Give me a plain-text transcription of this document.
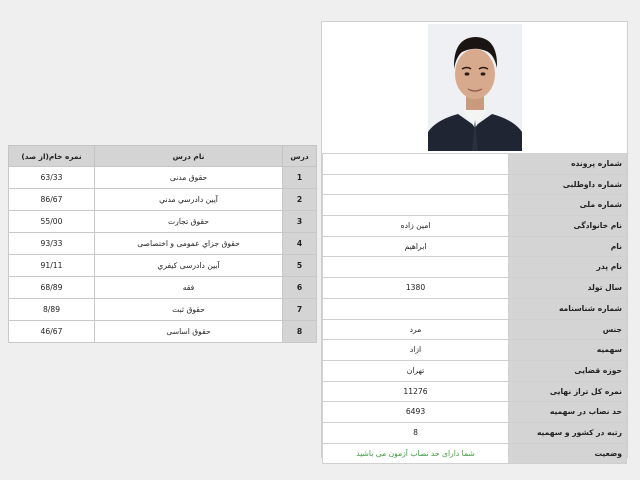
شماره پرونده	
شماره داوطلبی	
شماره ملی	
نام خانوادگی	امین زاده
نام	ابراهیم
نام پدر	
سال تولد	1380
شماره شناسنامه	
جنس	مرد
سهمیه	ازاد
حوزه قضایی	تهران
نمره کل تراز نهایی	11276
حد نصاب در سهمیه	6493
رتبه در کشور و سهمیه	8
وضعیت	شما دارای حد نصاب آزمون می باشید
درس	نام درس	نمره خام(از صد)
1	حقوق مدنی	63/33
2	آيين دادرسي مدني	86/67
3	حقوق تجارت	55/00
4	حقوق جزاي عمومی و اختصاصی	93/33
5	آيين دادرسی کيفري	91/11
6	فقه	68/89
7	حقوق ثبت	8/89
8	حقوق اساسی	46/67
